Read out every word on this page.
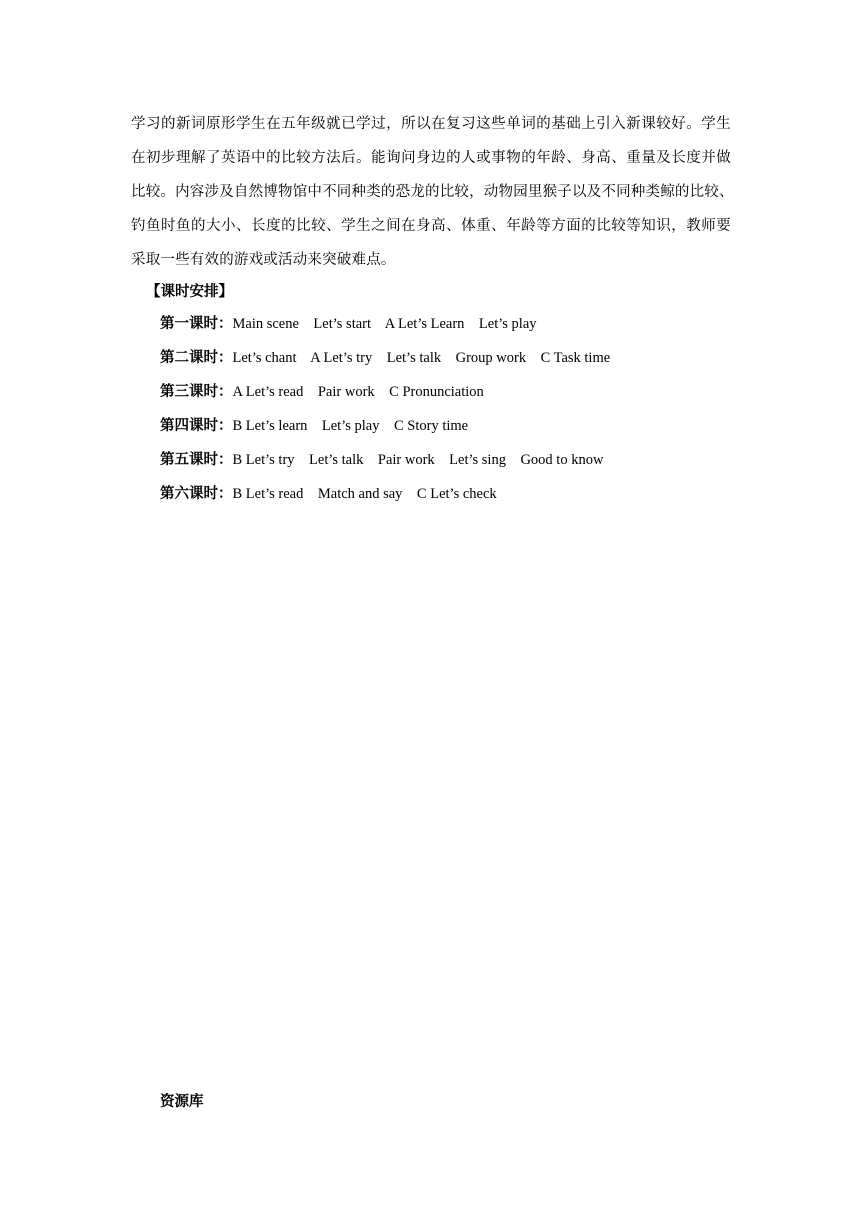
学习的新词原形学生在五年级就已学过，所以在复习这些单词的基础上引入新课较好。学生
在初步理解了英语中的比较方法后。能询问身边的人或事物的年龄、身高、重量及长度并做
比较。内容涉及自然博物馆中不同种类的恐龙的比较，动物园里猴子以及不同种类鲸的比较、
钓鱼时鱼的大小、长度的比较、学生之间在身高、体重、年龄等方面的比较等知识，教师要
采取一些有效的游戏或活动来突破难点。

【课时安排】
第一课时：Main scene    Let’s start    A Let’s Learn    Let’s play
第二课时：Let’s chant    A Let’s try    Let’s talk    Group work    C Task time
第三课时：A Let’s read    Pair work    C Pronunciation
第四课时：B Let’s learn    Let’s play    C Story time
第五课时：B Let’s try    Let’s talk    Pair work    Let’s sing    Good to know
第六课时：B Let’s read    Match and say    C Let’s check
资源库
